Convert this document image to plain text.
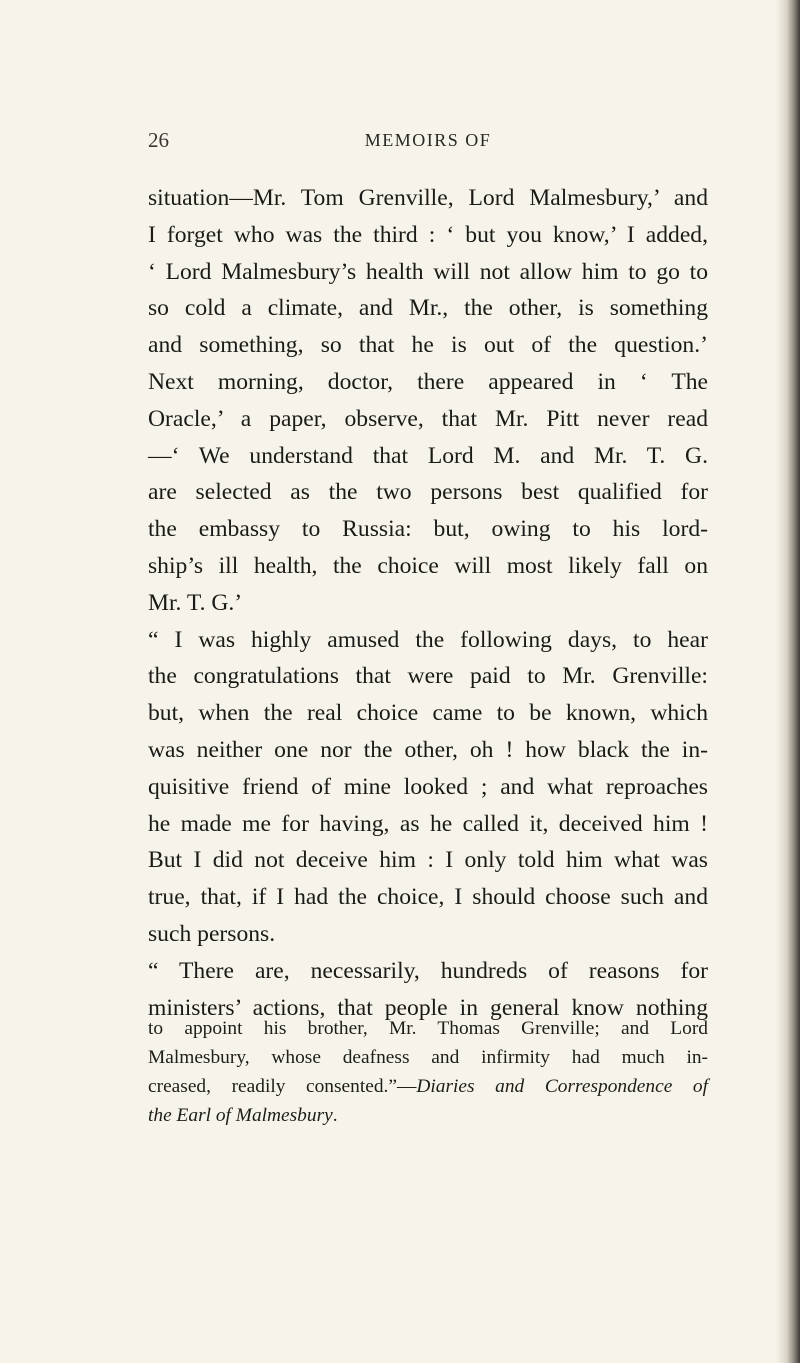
26	MEMOIRS OF
situation—Mr. Tom Grenville, Lord Malmesbury,’ and
I forget who was the third : ‘ but you know,’ I added,
‘ Lord Malmesbury’s health will not allow him to go to
so cold a climate, and Mr., the other, is something
and something, so that he is out of the question.’
Next morning, doctor, there appeared in ‘ The
Oracle,’ a paper, observe, that Mr. Pitt never read
—‘ We understand that Lord M. and Mr. T. G.
are selected as the two persons best qualified for
the embassy to Russia: but, owing to his lord-
ship’s ill health, the choice will most likely fall on
Mr. T. G.’
“ I was highly amused the following days, to hear
the congratulations that were paid to Mr. Grenville:
but, when the real choice came to be known, which
was neither one nor the other, oh ! how black the in-
quisitive friend of mine looked ; and what reproaches
he made me for having, as he called it, deceived him !
But I did not deceive him : I only told him what was
true, that, if I had the choice, I should choose such and
such persons.
“ There are, necessarily, hundreds of reasons for
ministers’ actions, that people in general know nothing
to appoint his brother, Mr. Thomas Grenville; and Lord
Malmesbury, whose deafness and infirmity had much in-
creased, readily consented.”—Diaries and Correspondence of
the Earl of Malmesbury.
